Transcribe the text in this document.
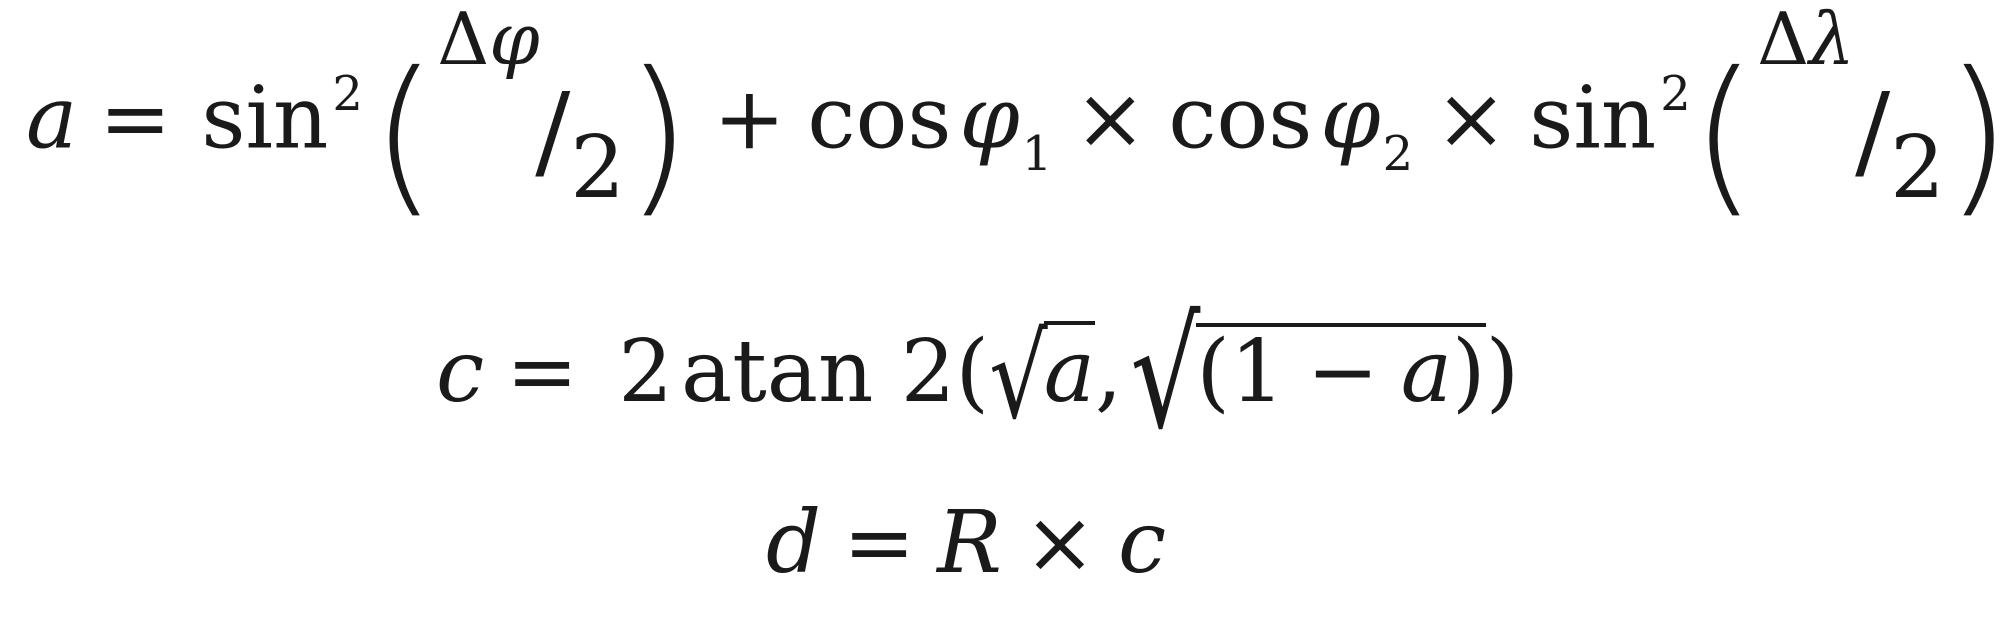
$a = \sin^2$( Δφ
$/2) + \cos\varphi_1 \times \cos\varphi_2 \times \sin^2$( Δλ
/2)
c = 2atan 2(√a,√(1 − a))
d = R × c
